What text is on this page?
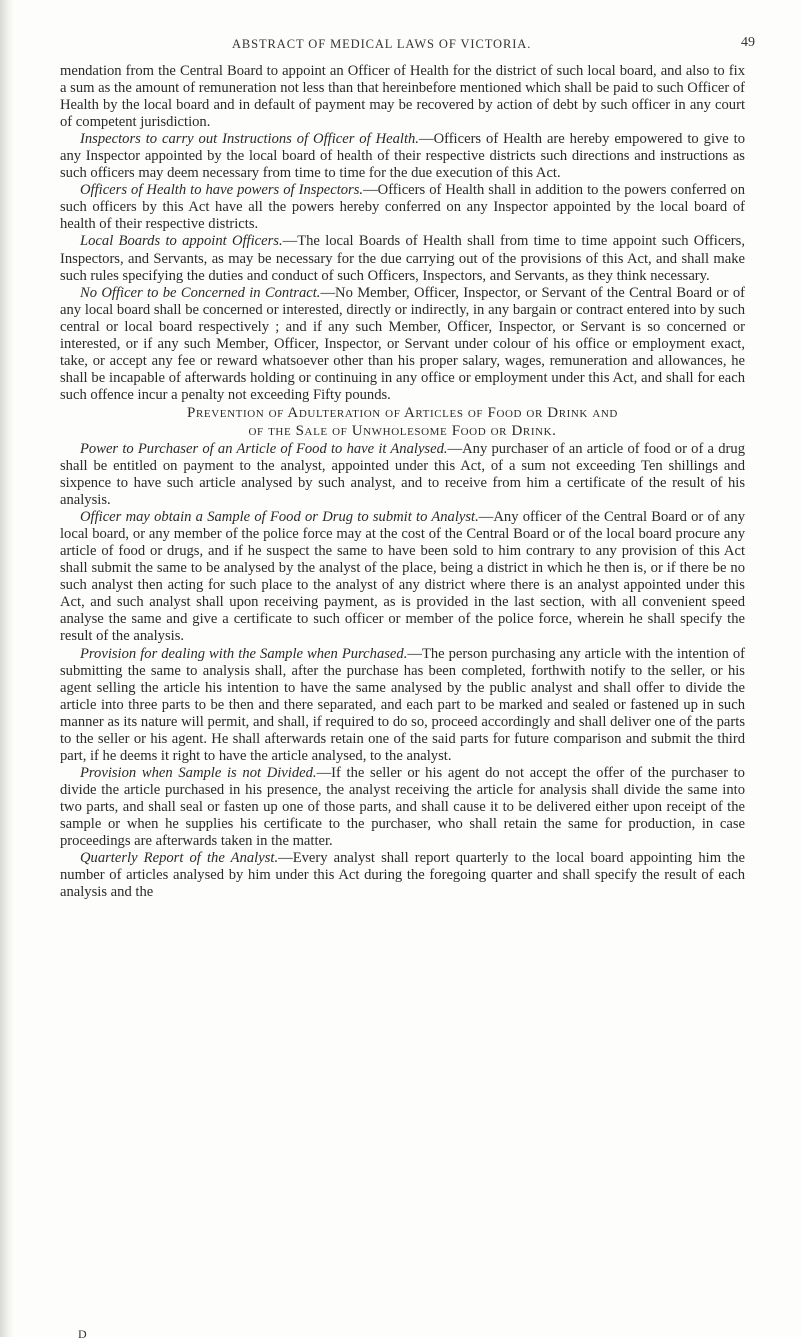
ABSTRACT OF MEDICAL LAWS OF VICTORIA.	49

mendation from the Central Board to appoint an Officer of Health for the district of such local board, and also to fix a sum as the amount of remuneration not less than that hereinbefore mentioned which shall be paid to such Officer of Health by the local board and in default of payment may be recovered by action of debt by such officer in any court of competent jurisdiction.

Inspectors to carry out Instructions of Officer of Health.—Officers of Health are hereby empowered to give to any Inspector appointed by the local board of health of their respective districts such directions and instructions as such officers may deem necessary from time to time for the due execution of this Act.

Officers of Health to have powers of Inspectors.—Officers of Health shall in addition to the powers conferred on such officers by this Act have all the powers hereby conferred on any Inspector appointed by the local board of health of their respective districts.

Local Boards to appoint Officers.—The local Boards of Health shall from time to time appoint such Officers, Inspectors, and Servants, as may be necessary for the due carrying out of the provisions of this Act, and shall make such rules specifying the duties and conduct of such Officers, Inspectors, and Servants, as they think necessary.

No Officer to be Concerned in Contract.—No Member, Officer, Inspector, or Servant of the Central Board or of any local board shall be concerned or interested, directly or indirectly, in any bargain or contract entered into by such central or local board respectively ; and if any such Member, Officer, Inspector, or Servant is so concerned or interested, or if any such Member, Officer, Inspector, or Servant under colour of his office or employment exact, take, or accept any fee or reward whatsoever other than his proper salary, wages, remuneration and allowances, he shall be incapable of afterwards holding or continuing in any office or employment under this Act, and shall for each such offence incur a penalty not exceeding Fifty pounds.

Prevention of Adulteration of Articles of Food or Drink and
of the Sale of Unwholesome Food or Drink.

Power to Purchaser of an Article of Food to have it Analysed.—Any purchaser of an article of food or of a drug shall be entitled on payment to the analyst, appointed under this Act, of a sum not exceeding Ten shillings and sixpence to have such article analysed by such analyst, and to receive from him a certificate of the result of his analysis.

Officer may obtain a Sample of Food or Drug to submit to Analyst.—Any officer of the Central Board or of any local board, or any member of the police force may at the cost of the Central Board or of the local board procure any article of food or drugs, and if he suspect the same to have been sold to him contrary to any provision of this Act shall submit the same to be analysed by the analyst of the place, being a district in which he then is, or if there be no such analyst then acting for such place to the analyst of any district where there is an analyst appointed under this Act, and such analyst shall upon receiving payment, as is provided in the last section, with all convenient speed analyse the same and give a certificate to such officer or member of the police force, wherein he shall specify the result of the analysis.

Provision for dealing with the Sample when Purchased.—The person purchasing any article with the intention of submitting the same to analysis shall, after the purchase has been completed, forthwith notify to the seller, or his agent selling the article his intention to have the same analysed by the public analyst and shall offer to divide the article into three parts to be then and there separated, and each part to be marked and sealed or fastened up in such manner as its nature will permit, and shall, if required to do so, proceed accordingly and shall deliver one of the parts to the seller or his agent. He shall afterwards retain one of the said parts for future comparison and submit the third part, if he deems it right to have the article analysed, to the analyst.

Provision when Sample is not Divided.—If the seller or his agent do not accept the offer of the purchaser to divide the article purchased in his presence, the analyst receiving the article for analysis shall divide the same into two parts, and shall seal or fasten up one of those parts, and shall cause it to be delivered either upon receipt of the sample or when he supplies his certificate to the purchaser, who shall retain the same for production, in case proceedings are afterwards taken in the matter.

Quarterly Report of the Analyst.—Every analyst shall report quarterly to the local board appointing him the number of articles analysed by him under this Act during the foregoing quarter and shall specify the result of each analysis and the

D
